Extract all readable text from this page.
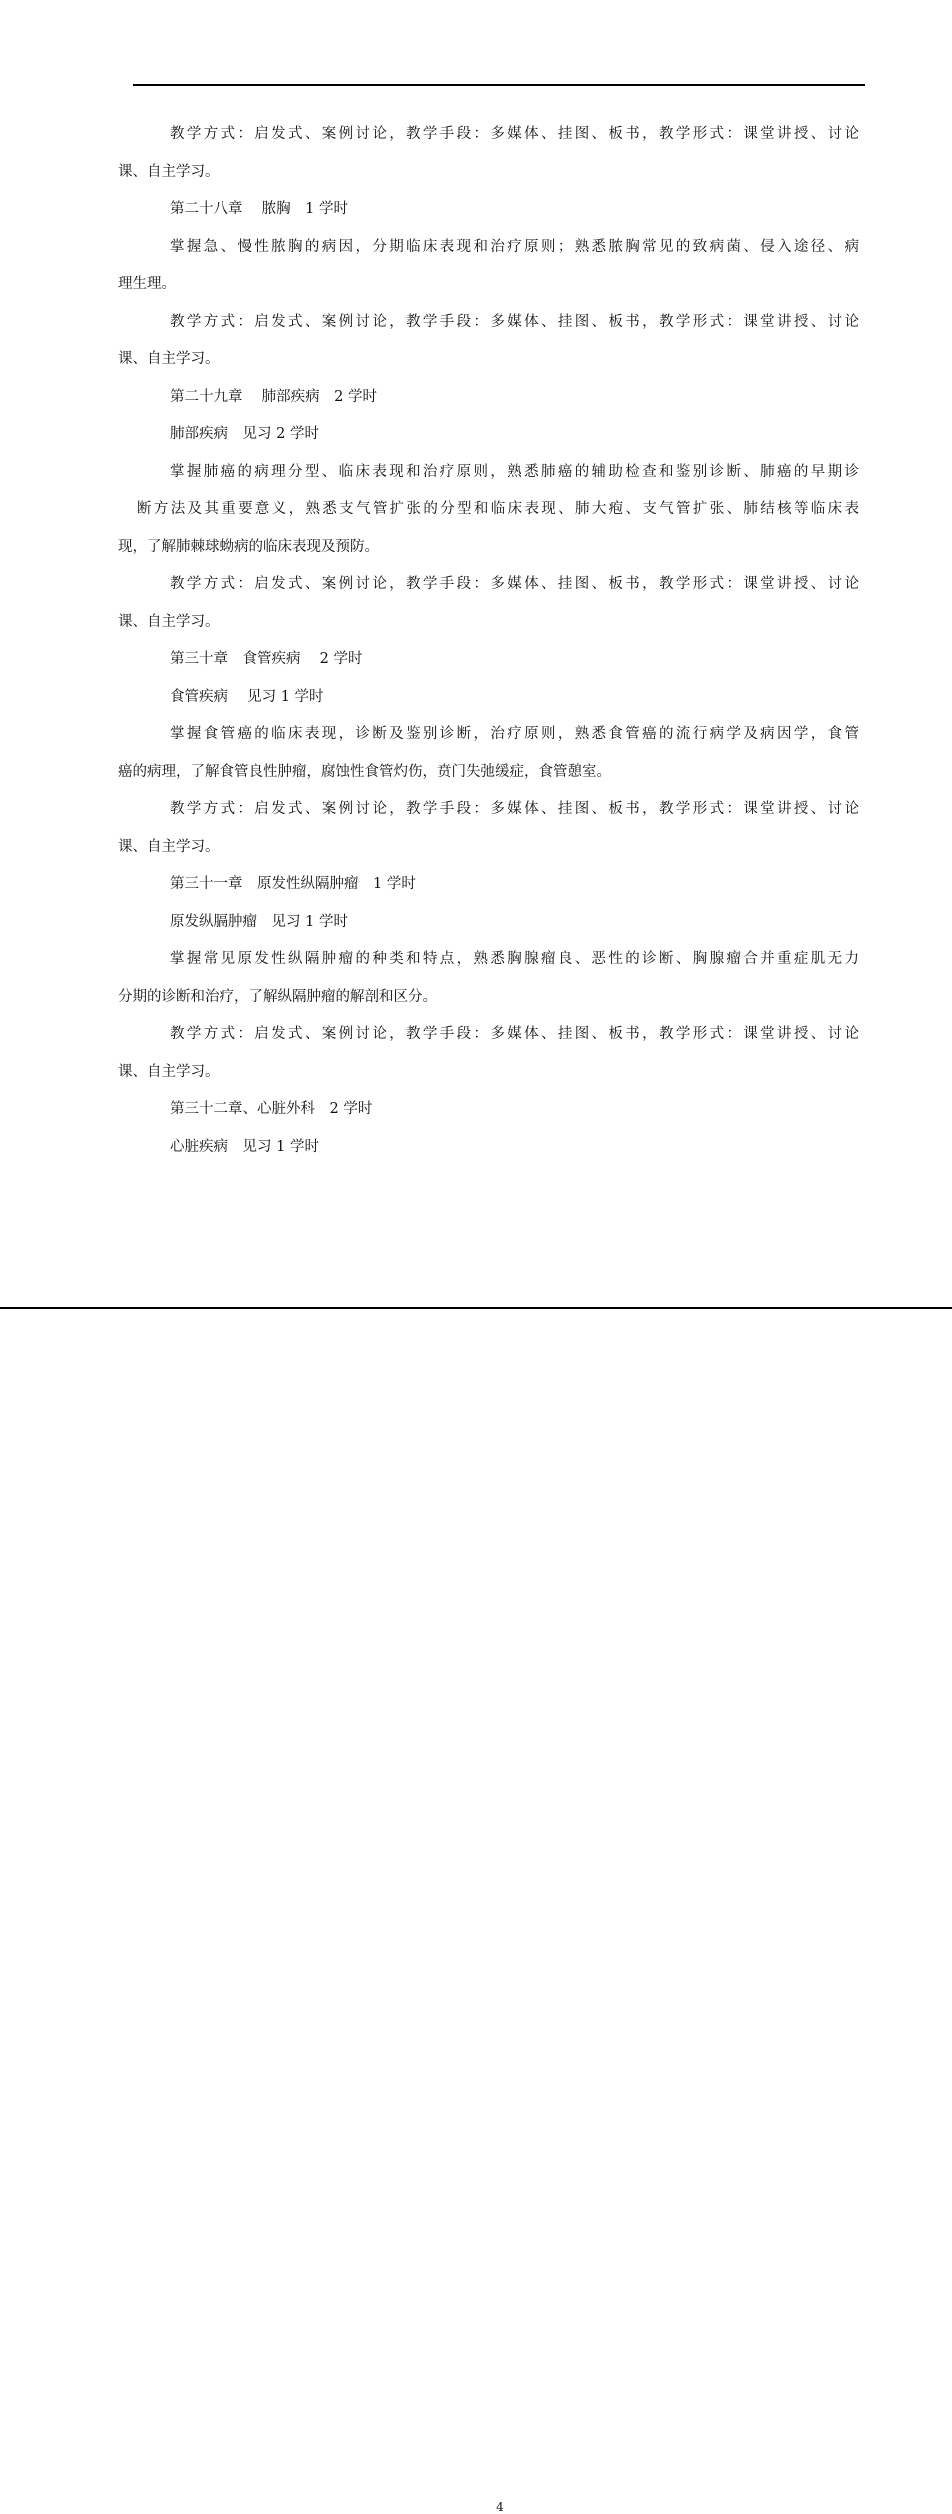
教学方式：启发式、案例讨论，教学手段：多媒体、挂图、板书，教学形式：课堂讲授、讨论
课、自主学习。
第二十八章　 脓胸　1 学时
掌握急、慢性脓胸的病因，分期临床表现和治疗原则；熟悉脓胸常见的致病菌、侵入途径、病
理生理。
教学方式：启发式、案例讨论，教学手段：多媒体、挂图、板书，教学形式：课堂讲授、讨论
课、自主学习。
第二十九章　 肺部疾病　2 学时
肺部疾病　见习 2 学时
掌握肺癌的病理分型、临床表现和治疗原则，熟悉肺癌的辅助检查和鉴别诊断、肺癌的早期诊
断方法及其重要意义，熟悉支气管扩张的分型和临床表现、肺大疱、支气管扩张、肺结核等临床表
现，了解肺棘球蚴病的临床表现及预防。
教学方式：启发式、案例讨论，教学手段：多媒体、挂图、板书，教学形式：课堂讲授、讨论
课、自主学习。
第三十章　食管疾病　 2 学时
食管疾病　 见习 1 学时
掌握食管癌的临床表现，诊断及鉴别诊断，治疗原则，熟悉食管癌的流行病学及病因学，食管
癌的病理，了解食管良性肿瘤，腐蚀性食管灼伤，贲门失弛缓症，食管憩室。
教学方式：启发式、案例讨论，教学手段：多媒体、挂图、板书，教学形式：课堂讲授、讨论
课、自主学习。
第三十一章　原发性纵隔肿瘤　1 学时
原发纵膈肿瘤　见习 1 学时
掌握常见原发性纵隔肿瘤的种类和特点，熟悉胸腺瘤良、恶性的诊断、胸腺瘤合并重症肌无力
分期的诊断和治疗，了解纵隔肿瘤的解剖和区分。
教学方式：启发式、案例讨论，教学手段：多媒体、挂图、板书，教学形式：课堂讲授、讨论
课、自主学习。
第三十二章、心脏外科　2 学时
心脏疾病　见习 1 学时
4
